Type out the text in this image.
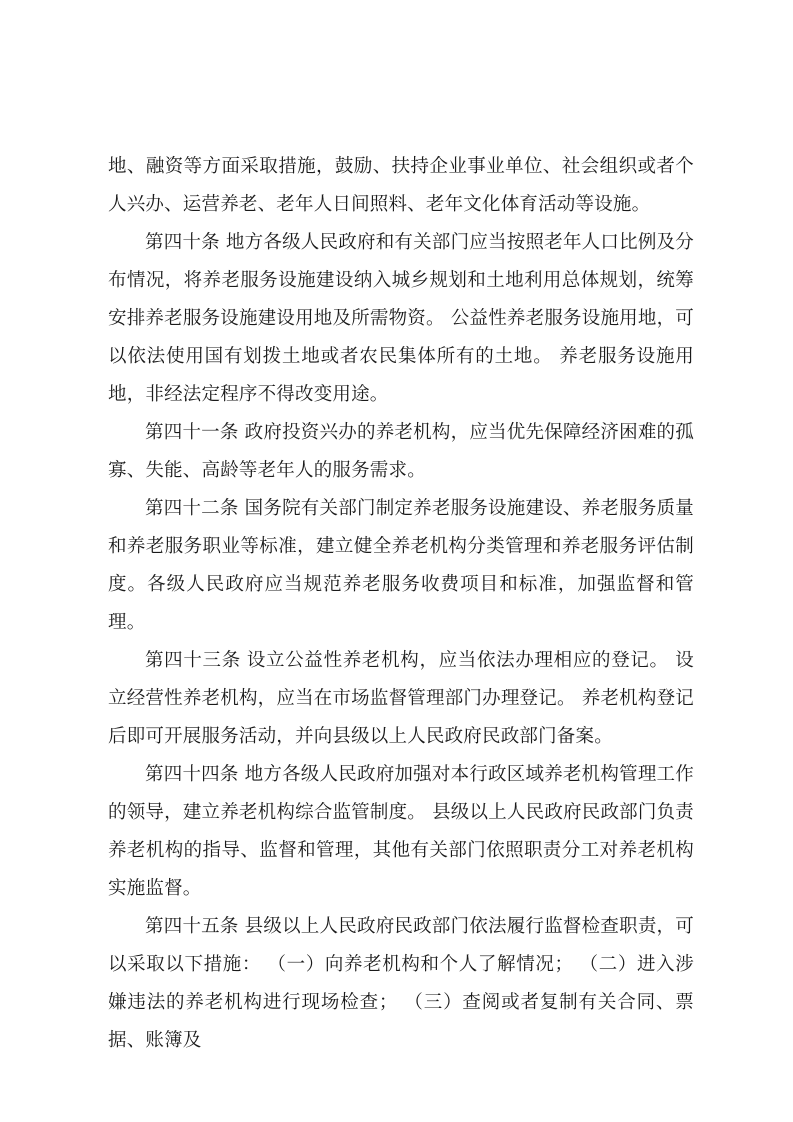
地、融资等方面采取措施，鼓励、扶持企业事业单位、社会组织或者个人兴办、运营养老、老年人日间照料、老年文化体育活动等设施。

第四十条 地方各级人民政府和有关部门应当按照老年人口比例及分布情况，将养老服务设施建设纳入城乡规划和土地利用总体规划，统筹安排养老服务设施建设用地及所需物资。 公益性养老服务设施用地，可以依法使用国有划拨土地或者农民集体所有的土地。 养老服务设施用地，非经法定程序不得改变用途。

第四十一条 政府投资兴办的养老机构，应当优先保障经济困难的孤寡、失能、高龄等老年人的服务需求。

第四十二条 国务院有关部门制定养老服务设施建设、养老服务质量和养老服务职业等标准，建立健全养老机构分类管理和养老服务评估制度。各级人民政府应当规范养老服务收费项目和标准，加强监督和管理。

第四十三条 设立公益性养老机构，应当依法办理相应的登记。 设立经营性养老机构，应当在市场监督管理部门办理登记。 养老机构登记后即可开展服务活动，并向县级以上人民政府民政部门备案。

第四十四条 地方各级人民政府加强对本行政区域养老机构管理工作的领导，建立养老机构综合监管制度。 县级以上人民政府民政部门负责养老机构的指导、监督和管理，其他有关部门依照职责分工对养老机构实施监督。

第四十五条 县级以上人民政府民政部门依法履行监督检查职责，可以采取以下措施： （一）向养老机构和个人了解情况； （二）进入涉嫌违法的养老机构进行现场检查； （三）查阅或者复制有关合同、票据、账簿及
